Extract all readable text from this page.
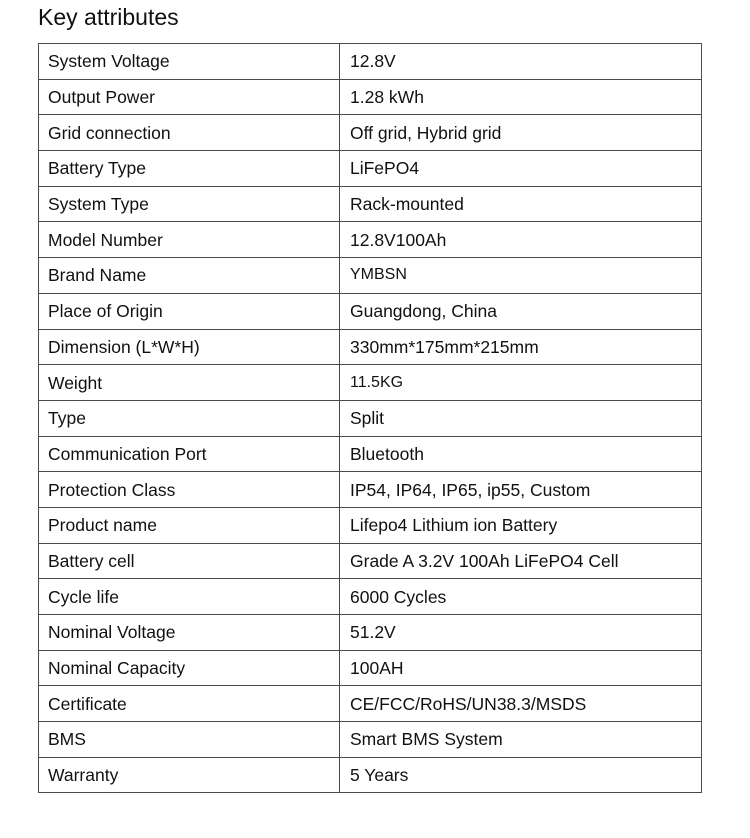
Key attributes
System Voltage	12.8V
Output Power	1.28 kWh
Grid connection	Off grid, Hybrid grid
Battery Type	LiFePO4
System Type	Rack-mounted
Model Number	12.8V100Ah
Brand Name	YMBSN
Place of Origin	Guangdong, China
Dimension (L*W*H)	330mm*175mm*215mm
Weight	11.5KG
Type	Split
Communication Port	Bluetooth
Protection Class	IP54, IP64, IP65, ip55, Custom
Product name	Lifepo4 Lithium ion Battery
Battery cell	Grade A 3.2V 100Ah LiFePO4 Cell
Cycle life	6000 Cycles
Nominal Voltage	51.2V
Nominal Capacity	100AH
Certificate	CE/FCC/RoHS/UN38.3/MSDS
BMS	Smart BMS System
Warranty	5 Years
